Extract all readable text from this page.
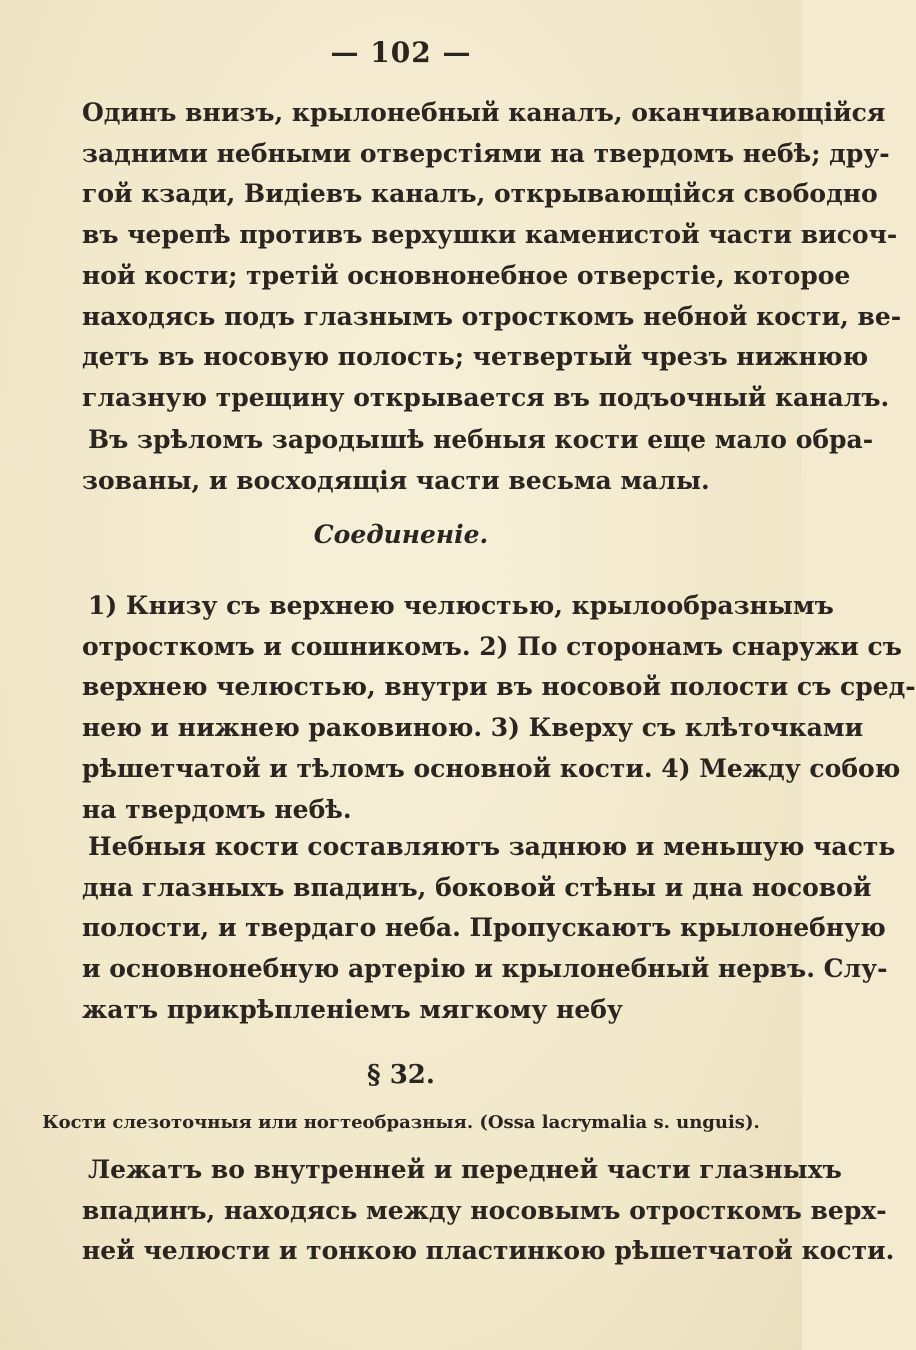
— 102 —

Одинъ внизъ, крылонебный каналъ, оканчивающійся
задними небными отверстіями на твердомъ небѣ; дру-
гой кзади, Видіевъ каналъ, открывающійся свободно
въ черепѣ противъ верхушки каменистой части височ-
ной кости; третій основнонебное отверстіе, которое
находясь подъ глазнымъ отросткомъ небной кости, ве-
детъ въ носовую полость; четвертый чрезъ нижнюю
глазную трещину открывается въ подъочный каналъ.

Въ зрѣломъ зародышѣ небныя кости еще мало обра-
зованы, и восходящія части весьма малы.

Соединеніе.

1) Книзу съ верхнею челюстью, крылообразнымъ
отросткомъ и сошникомъ. 2) По сторонамъ снаружи съ
верхнею челюстью, внутри въ носовой полости съ сред-
нею и нижнею раковиною. 3) Кверху съ клѣточками
рѣшетчатой и тѣломъ основной кости. 4) Между собою
на твердомъ небѣ.

Небныя кости составляютъ заднюю и меньшую часть
дна глазныхъ впадинъ, боковой стѣны и дна носовой
полости, и твердаго неба. Пропускаютъ крылонебную
и основнонебную артерію и крылонебный нервъ. Слу-
жатъ прикрѣпленіемъ мягкому небу

§ 32.
Кости слезоточныя или ногтеобразныя. (Ossa lacrymalia s. unguis).

Лежатъ во внутренней и передней части глазныхъ
впадинъ, находясь между носовымъ отросткомъ верх-
ней челюсти и тонкою пластинкою рѣшетчатой кости.
